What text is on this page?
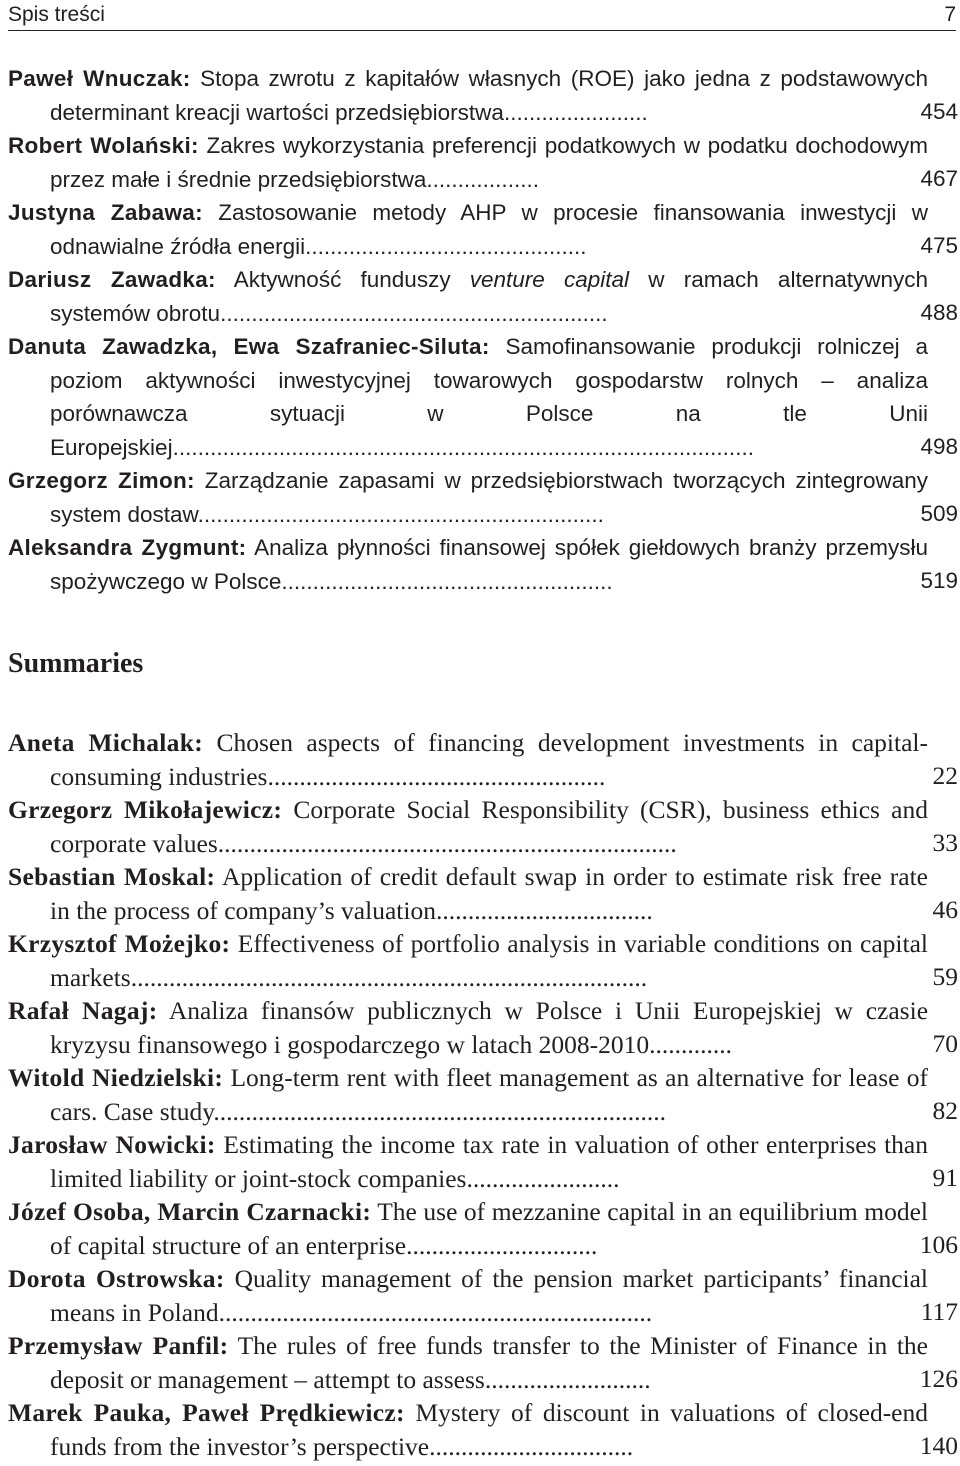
Spis treści	7
Paweł Wnuczak: Stopa zwrotu z kapitałów własnych (ROE) jako jedna z podstawowych determinant kreacji wartości przedsiębiorstwa.......................	454
Robert Wolański: Zakres wykorzystania preferencji podatkowych w podatku dochodowym przez małe i średnie przedsiębiorstwa..................	467
Justyna Zabawa: Zastosowanie metody AHP w procesie finansowania inwestycji w odnawialne źródła energii.............................................	475
Dariusz Zawadka: Aktywność funduszy venture capital w ramach alternatywnych systemów obrotu..............................................................	488
Danuta Zawadzka, Ewa Szafraniec-Siluta: Samofinansowanie produkcji rolniczej a poziom aktywności inwestycyjnej towarowych gospodarstw rolnych – analiza porównawcza sytuacji w Polsce na tle Unii Europejskiej.............................................................................................	498
Grzegorz Zimon: Zarządzanie zapasami w przedsiębiorstwach tworzących zintegrowany system dostaw.................................................................	509
Aleksandra Zygmunt: Analiza płynności finansowej spółek giełdowych branży przemysłu spożywczego w Polsce.....................................................	519
Summaries
Aneta Michalak: Chosen aspects of financing development investments in capital-consuming industries.....................................................	22
Grzegorz Mikołajewicz: Corporate Social Responsibility (CSR), business ethics and corporate values........................................................................	33
Sebastian Moskal: Application of credit default swap in order to estimate risk free rate in the process of company’s valuation..................................	46
Krzysztof Możejko: Effectiveness of portfolio analysis in variable conditions on capital markets.................................................................................	59
Rafał Nagaj: Analiza finansów publicznych w Polsce i Unii Europejskiej w czasie kryzysu finansowego i gospodarczego w latach 2008-2010.............	70
Witold Niedzielski: Long-term rent with fleet management as an alternative for lease of cars. Case study.......................................................................	82
Jarosław Nowicki: Estimating the income tax rate in valuation of other enterprises than limited liability or joint-stock companies........................	91
Józef Osoba, Marcin Czarnacki: The use of mezzanine capital in an equilibrium model of capital structure of an enterprise..............................	106
Dorota Ostrowska: Quality management of the pension market participants’ financial means in Poland....................................................................	117
Przemysław Panfil: The rules of free funds transfer to the Minister of Finance in the deposit or management – attempt to assess..........................	126
Marek Pauka, Paweł Prędkiewicz: Mystery of discount in valuations of closed-end funds from the investor’s perspective................................	140
